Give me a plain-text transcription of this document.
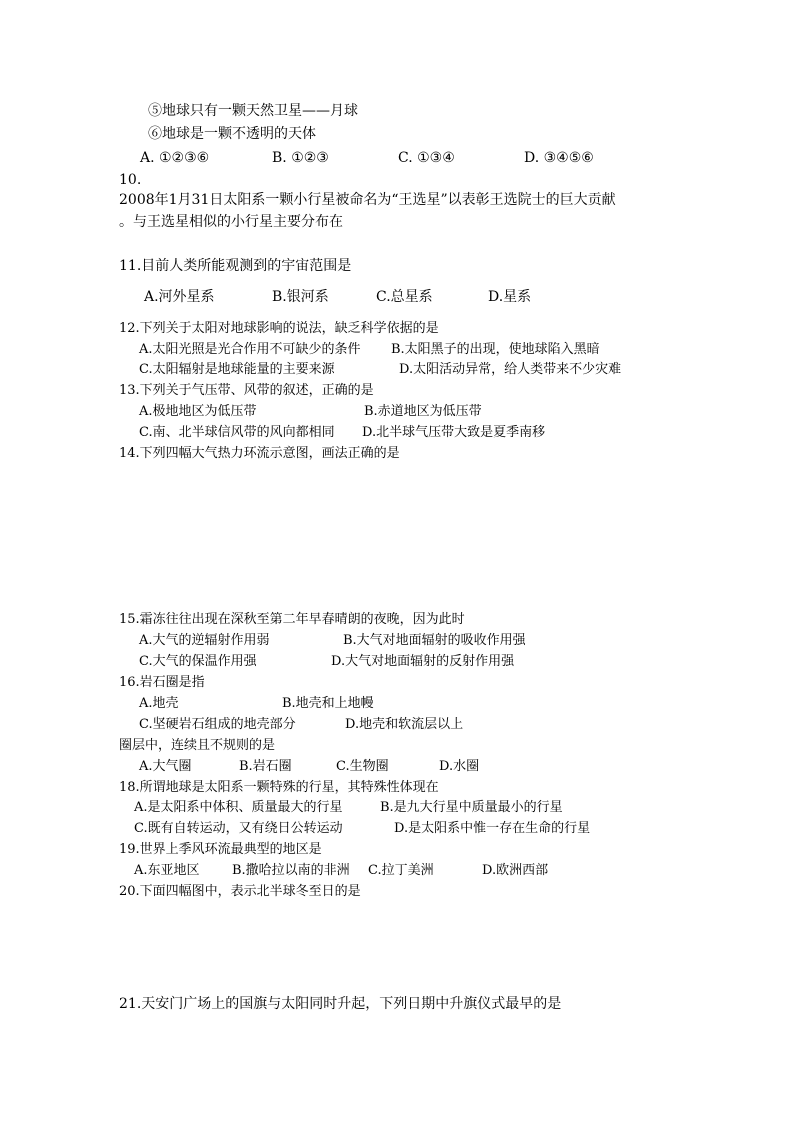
⑤地球只有一颗天然卫星——月球
⑥地球是一颗不透明的天体
A. ①②③⑥	B. ①②③	C. ①③④	D. ③④⑤⑥
10.
2008年1月31日太阳系一颗小行星被命名为“王选星”以表彰王选院士的巨大贡献
。与王选星相似的小行星主要分布在
11.目前人类所能观测到的宇宙范围是
A.河外星系	B.银河系	C.总星系	D.星系
12.下列关于太阳对地球影响的说法，缺乏科学依据的是
A.太阳光照是光合作用不可缺少的条件 B.太阳黑子的出现，使地球陷入黑暗
C.太阳辐射是地球能量的主要来源	D.太阳活动异常，给人类带来不少灾难
13.下列关于气压带、风带的叙述，正确的是
A.极地地区为低压带	B.赤道地区为低压带
C.南、北半球信风带的风向都相同 D.北半球气压带大致是夏季南移
14.下列四幅大气热力环流示意图，画法正确的是
15.霜冻往往出现在深秋至第二年早春晴朗的夜晚，因为此时
A.大气的逆辐射作用弱	B.大气对地面辐射的吸收作用强
C.大气的保温作用强	D.大气对地面辐射的反射作用强
16.岩石圈是指
A.地壳	B.地壳和上地幔
C.坚硬岩石组成的地壳部分	D.地壳和软流层以上
圈层中，连续且不规则的是
A.大气圈	B.岩石圈	C.生物圈	D.水圈
18.所谓地球是太阳系一颗特殊的行星，其特殊性体现在
A.是太阳系中体积、质量最大的行星	B.是九大行星中质量最小的行星
C.既有自转运动，又有绕日公转运动	D.是太阳系中惟一存在生命的行星
19.世界上季风环流最典型的地区是
A.东亚地区 B.撒哈拉以南的非洲 C.拉丁美洲	D.欧洲西部
20.下面四幅图中，表示北半球冬至日的是
21.天安门广场上的国旗与太阳同时升起，下列日期中升旗仪式最早的是
